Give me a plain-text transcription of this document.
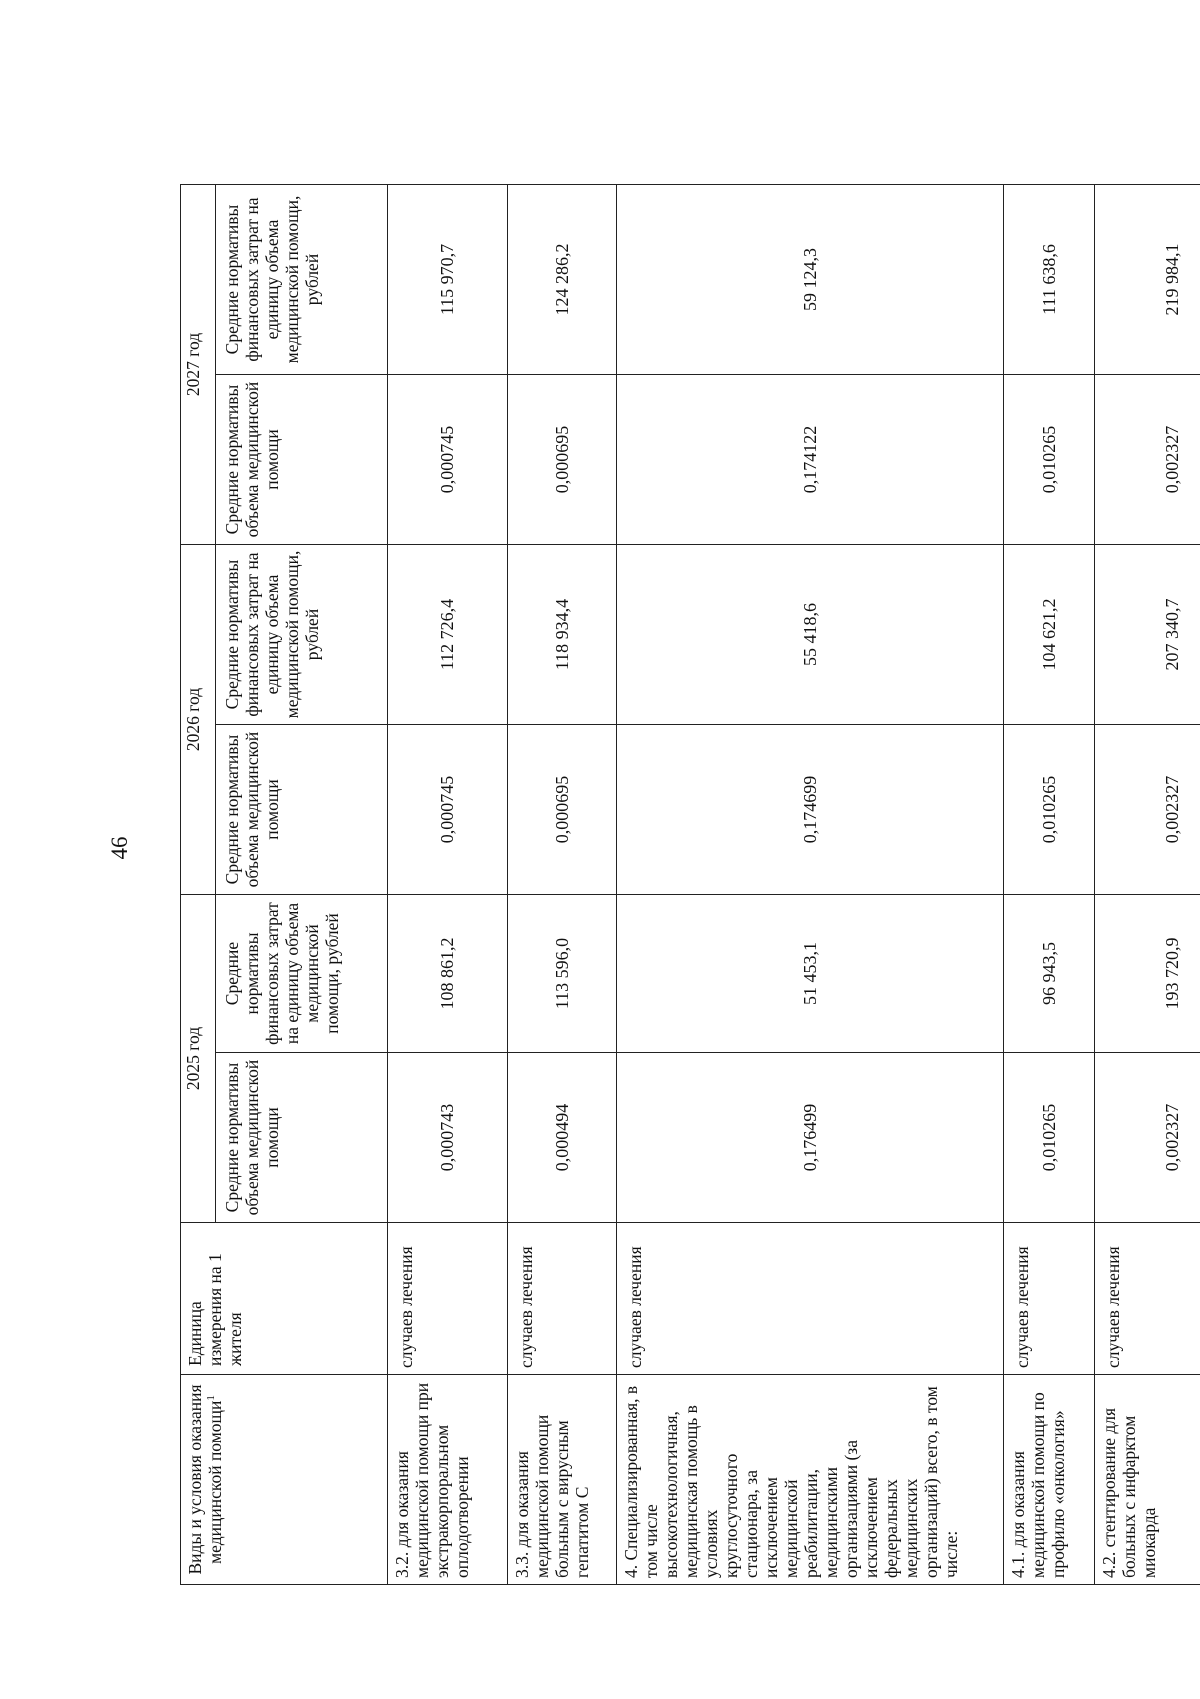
46
Виды и условия оказания медицинской помощи$^1$	Единица измерения на 1 жителя	2025 год		2026 год		2027 год	
		Средние нормативы объема медицинской помощи	Средние нормативы финансовых затрат на единицу объема медицинской помощи, рублей	Средние нормативы объема медицинской помощи	Средние нормативы финансовых затрат на единицу объема медицинской помощи, рублей	Средние нормативы объема медицинской помощи	Средние нормативы финансовых затрат на единицу объема медицинской помощи, рублей
3.2. для оказания медицинской помощи при экстракорпоральном оплодотворении	случаев лечения	0,000743	108 861,2	0,000745	112 726,4	0,000745	115 970,7
3.3. для оказания медицинской помощи больным с вирусным гепатитом С	случаев лечения	0,000494	113 596,0	0,000695	118 934,4	0,000695	124 286,2
4. Специализированная, в том числе высокотехнологичная, медицинская помощь в условиях круглосуточного стационара, за исключением медицинской реабилитации, медицинскими организациями (за исключением федеральных медицинских организаций) всего, в том числе:	случаев лечения	0,176499	51 453,1	0,174699	55 418,6	0,174122	59 124,3
4.1. для оказания медицинской помощи по профилю «онкология»	случаев лечения	0,010265	96 943,5	0,010265	104 621,2	0,010265	111 638,6
4.2. стентирование для больных с инфарктом миокарда	случаев лечения	0,002327	193 720,9	0,002327	207 340,7	0,002327	219 984,1
